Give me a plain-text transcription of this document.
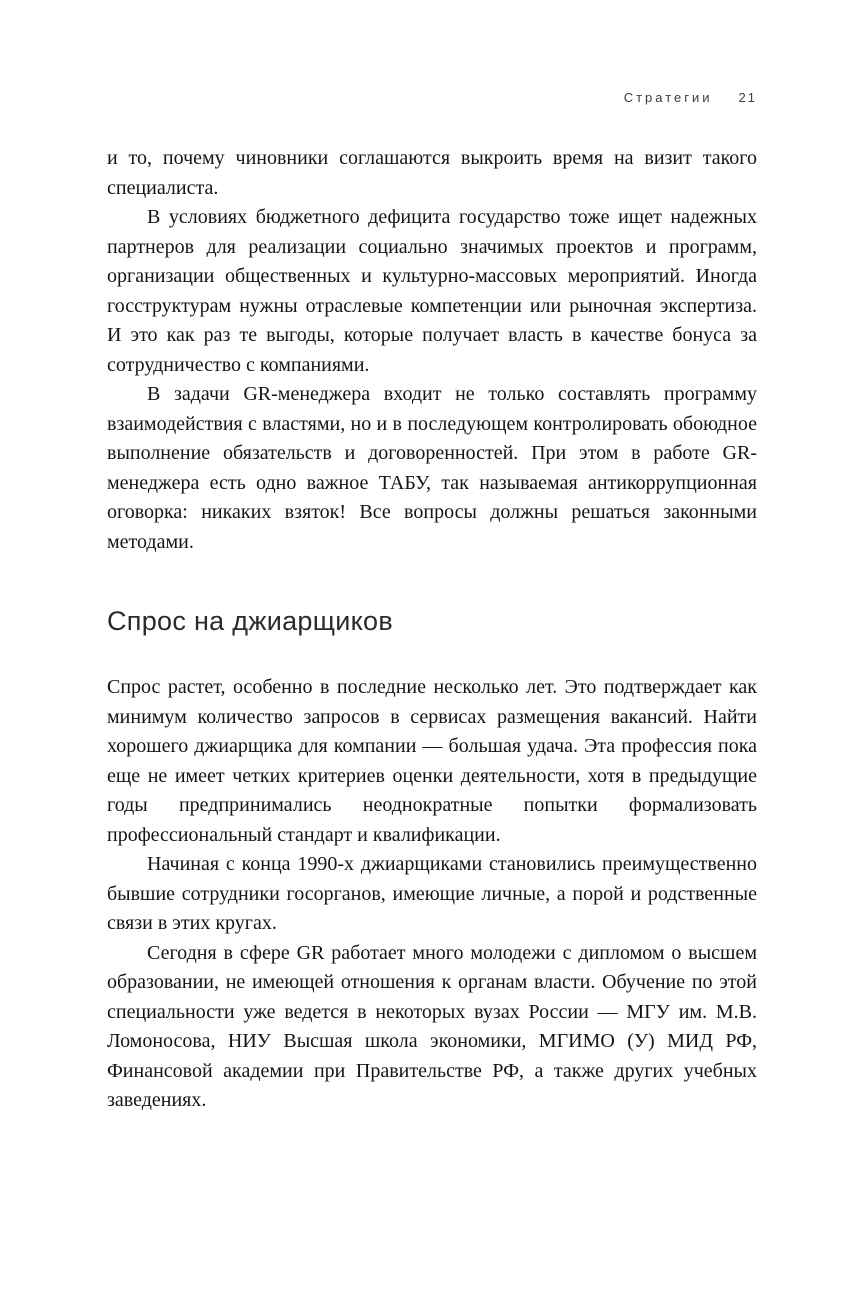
Стратегии 21

и то, почему чиновники соглашаются выкроить время на визит такого специалиста.

В условиях бюджетного дефицита государство тоже ищет надежных партнеров для реализации социально значимых проектов и программ, организации общественных и культурно-массовых мероприятий. Иногда госструктурам нужны отраслевые компетенции или рыночная экспертиза. И это как раз те выгоды, которые получает власть в качестве бонуса за сотрудничество с компаниями.

В задачи GR-менеджера входит не только составлять программу взаимодействия с властями, но и в последующем контролировать обоюдное выполнение обязательств и договоренностей. При этом в работе GR-менеджера есть одно важное ТАБУ, так называемая антикоррупционная оговорка: никаких взяток! Все вопросы должны решаться законными методами.

Спрос на джиарщиков

Спрос растет, особенно в последние несколько лет. Это подтверждает как минимум количество запросов в сервисах размещения вакансий. Найти хорошего джиарщика для компании — большая удача. Эта профессия пока еще не имеет четких критериев оценки деятельности, хотя в предыдущие годы предпринимались неоднократные попытки формализовать профессиональный стандарт и квалификации.

Начиная с конца 1990-х джиарщиками становились преимущественно бывшие сотрудники госорганов, имеющие личные, а порой и родственные связи в этих кругах.

Сегодня в сфере GR работает много молодежи с дипломом о высшем образовании, не имеющей отношения к органам власти. Обучение по этой специальности уже ведется в некоторых вузах России — МГУ им. М.В. Ломоносова, НИУ Высшая школа экономики, МГИМО (У) МИД РФ, Финансовой академии при Правительстве РФ, а также других учебных заведениях.
